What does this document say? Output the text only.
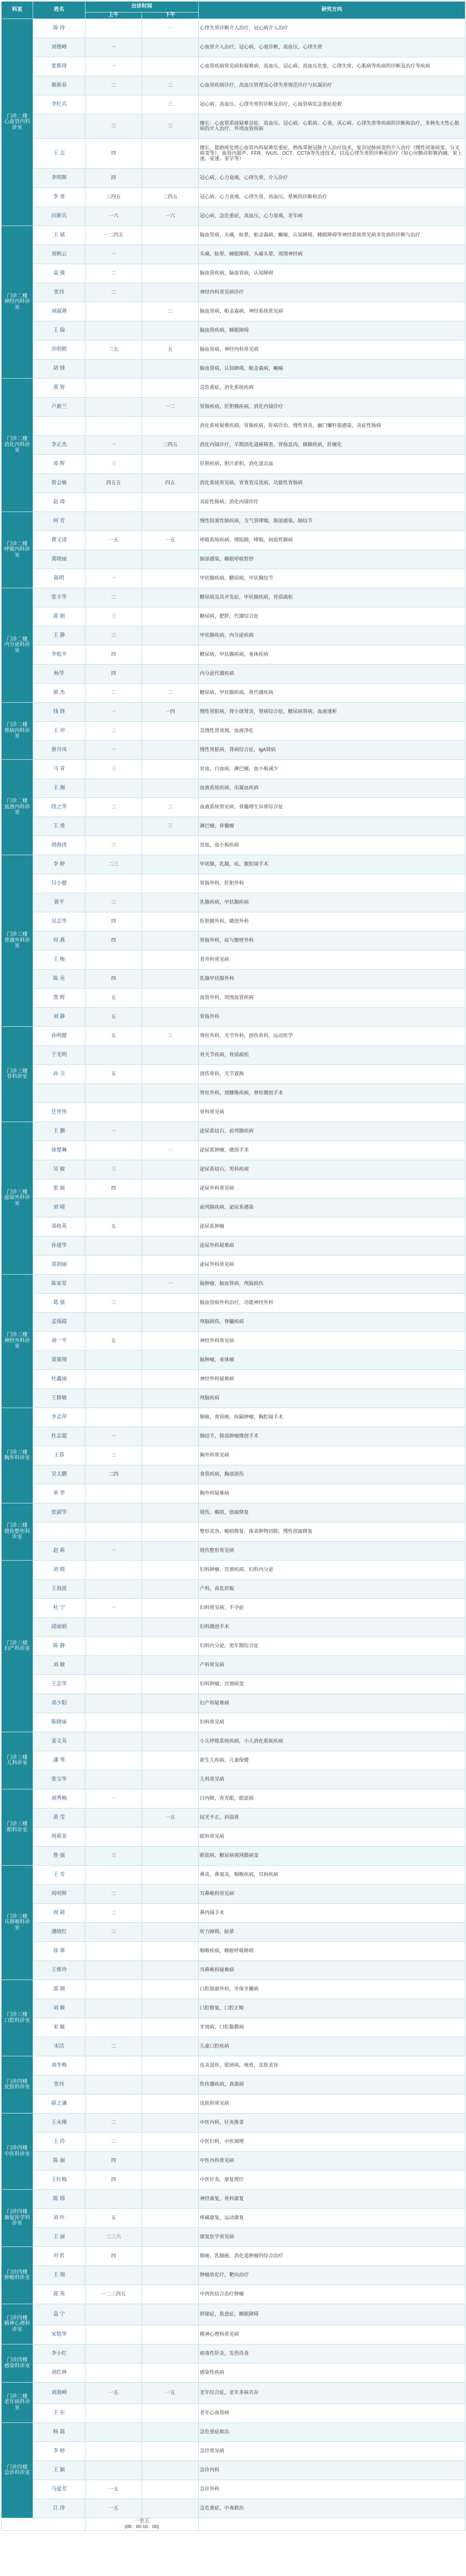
科室	姓名	出诊时间		研究方向
		上午	下午	
门诊二楼
心血管内科诊室	陈 涛		一	心律失常诊断介入治疗，冠心病介入治疗
	刘俊峰	一		心血管介入治疗，冠心病，心衰诊断，高血压，心律失常
	张斯琦	一		心血管疾病常见病和疑难病，高血压，冠心病，高血压危象，心律失常，心肌病等疾病的诊断及治疗等疾病
	谢新春	二	二	心血管疾病诊疗，高血压管理及心律失常规范诊疗与抗凝治疗
	李红兵		三	冠心病、高血压、心律失常的诊断及治疗，心血管病危急重症抢救
		三	三	擅长：心血管系统疑难杂症、高血压、冠心病、心肌病、心衰、风心病、心律失常等疾病的诊断和治疗，多种先天性心脏病的介入治疗，外周血管疾病
	王 志	四		擅长，能熟练处理心血管内科疑难危重症，熟练掌握冠脉介入治疗技术，复杂冠脉病变的介入治疗（慢性闭塞病变、分叉病变等）、血管内超声、FFR、IVUS、OCT、CCTA等先进技术，以及心律失常的诊断和治疗（如心房颤动射频消融、室上速、室速、室早等）
	李明辉	四		冠心病，心力衰竭，心律失常，介入诊疗
	李 勇	三四五	二四五	冠心病、心力衰竭，心律失常，高血压，晕厥的诊断和治疗
	田新兵	一六	一六	冠心病，急危重症，高血压，心力衰竭，老年病
门诊二楼
神经内科诊室	王 斌	一二四五		脑血管病，头痛，眩晕，帕金森病，癫痫，认知障碍，睡眠障碍等神经系统常见病多发病的诊断与治疗
	刘秋云	一		头痛，眩晕，睡眠障碍，头痛头晕，周围神经病
	袁 强	二		脑血管疾病，脑血管病，认知障碍
	张伟	二		神经内科常见病诊疗
	刘淑燕		二	脑血管病，帕金森病，神经系统常见病
	王 瑞			脑血管疾病，睡眠障碍
	乔明熙	三五	五	脑血管病，神经内科常见病
	胡 锋			脑血管病，认知障碍，帕金森病，癫痫
门诊二楼
消化内科诊室	黄 智			急危重症，消化系统疾病
	卢新兰		一二	胃肠疾病，肝胆胰疾病，消化内镜诊疗
				消化系统疑难疾病，胃肠疾病，肝病诊治，慢性胃炎，幽门螺杆菌感染，炎症性肠病
	李正杰	一	二四五	消化内镜诊疗，早期消化道癌筛查，胃肠息肉，胰腺疾病，肝硬化
	邓 晖	三		肝胆疾病，胆汁淤积，消化道出血
	曾会敏	四五五	四五	消化系统常见病，胃食管反流病，功能性胃肠病
	赵 琦			炎症性肠病，消化内镜诊疗
门诊二楼
呼吸内科诊室	何 芳			慢性阻塞性肺疾病，支气管哮喘，肺部感染，肺结节
	曹文清	一五	一五	呼吸系统疾病，慢阻肺，哮喘，间质性肺病
	黄晓丽			肺部感染，睡眠呼吸暂停
	陈明	一		甲状腺疾病，糖尿病，甲状腺结节
门诊二楼
内分泌科诊室	张丰华	二		糖尿病及其并发症，甲状腺疾病，骨质疏松
	黄 娟	三		糖尿病，肥胖，代谢综合征
	王 静	三		甲状腺疾病，内分泌疾病
	李松平	四		糖尿病，甲状腺疾病，垂体疾病
	杨华	四		内分泌代谢疾病
	郭 杰	二	二	糖尿病，甲状腺疾病，骨代谢疾病
门诊二楼
肾病内科诊室	钱 锋	一	一四	慢性肾脏病，肾小球肾炎，肾病综合征，糖尿病肾病，血液透析
	王 冲	二		急慢性肾衰竭，血液净化
	蔡丹凤	一		慢性肾脏病，肾病综合征，IgA肾病
门诊二楼
血液内科诊室	马 青	三		贫血，白血病，淋巴瘤，血小板减少
	王 湘			血液系统疾病，出凝血疾病
	段之华	二	二	血液系统常见病，骨髓增生异常综合征
	王 勇		三	淋巴瘤，骨髓瘤
	胡海涛	三		贫血，血小板疾病
门诊三楼
普通外科诊室	李 婷	二三		甲状腺，乳腺，疝，腹腔镜手术
	吕小健			胃肠外科，肝胆外科
	黄平	三		乳腺疾病，甲状腺疾病
	吴志华	四		肝胆胰外科，微创外科
	何 燕	四		胃肠外科，疝与腹壁外科
	王 梅			普外科常见病
	陈 亮	四		乳腺甲状腺外科
	贾 辉	五		血管外科，周围血管疾病
	刘 静	五		胃肠外科
门诊三楼
骨科诊室	孙明健	五	三	脊柱外科，关节外科，创伤骨科，运动医学
	于光明			骨关节疾病，骨质疏松
	孙 卫	五		创伤骨科，关节置换
				脊柱外科，颈腰椎疾病，脊柱微创手术
	任世伟			骨科常见病
门诊三楼
泌尿外科诊室	王 灏	一		泌尿系结石，前列腺疾病
	徐楚琳		一	泌尿系肿瘤，微创手术
	吴 敏	三		泌尿系结石，男科疾病
	张 丽	四		泌尿外科常见病
	刘 晴			前列腺疾病，泌尿系感染
	邓桂英	五		泌尿系肿瘤
	孙建华			泌尿外科疑难病
	郑润丽			泌尿外科常见病
门诊三楼
神经外科诊室	陈家星		一	脑肿瘤，脑血管病，颅脑损伤
	葛 强	三		脑血管病外科治疗，功能神经外科
	孟瑞霞			颅脑损伤，脊髓疾病
	刘一平	五		神经外科常见病
	黄骏翔			脑肿瘤，垂体瘤
	杜鑫丽			神经外科疑难病
	王修敏			颅脑疾病
门诊三楼
胸外科诊室	李志萍			肺癌，食管癌，纵隔肿瘤，胸腔镜手术
	杜志超	一		肺结节，肺部肿瘤微创手术
	王蓉	二		胸外科常见病
	吴太鹏	二四		食管疾病，胸部创伤
	单 华			胸外科疑难病
门诊三楼
烧伤整形科诊室	张淑华			烧伤，瘢痕，创面修复
				整形美容，瘢痕修复，体表肿物切除，慢性创面修复
	赵 莉	一		烧伤整形常见病
门诊三楼
妇产科诊室	刘 晓			妇科肿瘤，宫颈疾病，妇科内分泌
	王海波			产科，高危妊娠
	杜 宁	一		妇科常见病，不孕症
	邱丽娟			妇科微创手术
	陈 静			妇科内分泌，更年期综合征
	刘 敏			产科常见病
	王志华			妇科肿瘤，宫颈病变
	邓少阳			妇产科疑难病
	陈晓丽			妇科常见病
门诊三楼
儿科诊室	姜文英			小儿呼吸系统疾病，小儿消化系统疾病
	潘 琴			新生儿疾病，儿童保健
	张宝华			儿科常见病
门诊三楼
眼科诊室	刘秀梅	一		白内障，青光眼，眼底病
	黄 莹		一五	屈光不正，斜弱视
	周莉菲			眼科常见病
	鲁 强	三		眼底病，糖尿病视网膜病变
门诊三楼
耳鼻喉科诊室	王 芳			鼻炎，鼻窦炎，咽喉疾病，耳科疾病
	周明辉	二		耳鼻喉科常见病
	周 莉	二		鼻内镜手术
	潘晓红	三		听力障碍，眩晕
	徐 翠			咽喉疾病，睡眠呼吸障碍
	王维玲			耳鼻喉科疑难病
门诊三楼
口腔科诊室	邵 刚			口腔颌面外科，牙体牙髓病
	刘 敏			口腔修复，口腔正畸
	宋 敏			牙周病，口腔黏膜病
	宋洁	二		儿童口腔疾病
门诊四楼
皮肤科诊室	刘冬梅			皮炎湿疹，银屑病，痤疮，皮肤美容
	张伟			性传播疾病，真菌病
	薛之谦			皮肤科常见病
门诊四楼
中医科诊室	王永刚	二		中医内科，针灸推拿
	王 玲	二		中医妇科，中医调理
	陈 丽	四		中医内科常见病
	王红梅	四		中医针灸，康复理疗
门诊四楼
康复医学科诊室	陈 锦			神经康复，骨科康复
	刘 叶	五		疼痛康复，运动康复
	王 丽	二三六		康复医学常见病
门诊四楼
肿瘤科诊室	叶君	四		肺癌，乳腺癌，消化道肿瘤的综合治疗
	王 翔			肿瘤放化疗，靶向治疗
	郑 英	一二三四五		中西医结合治疗肿瘤
门诊四楼
精神心理科诊室	袁 宁			抑郁症，焦虑症，睡眠障碍
	宋铭华			精神心理科常见病
门诊四楼
感染科诊室	李小红			病毒性肝炎，发热待查
	刘红林			感染性疾病
门诊二楼
老年病科诊室	刘海峰	一五	一五	老年综合征，老年多病共存
	王 东			老年心血管病
门诊四楼
急诊科诊室	杨 磊			急危重症救治
	李 婷			急诊常见病
	王 颖			急诊内科
	马爱芳	一五		急诊外科
	江 涛	一五		急危重症，中毒救治
		一至五
(08：00-16：00)		
